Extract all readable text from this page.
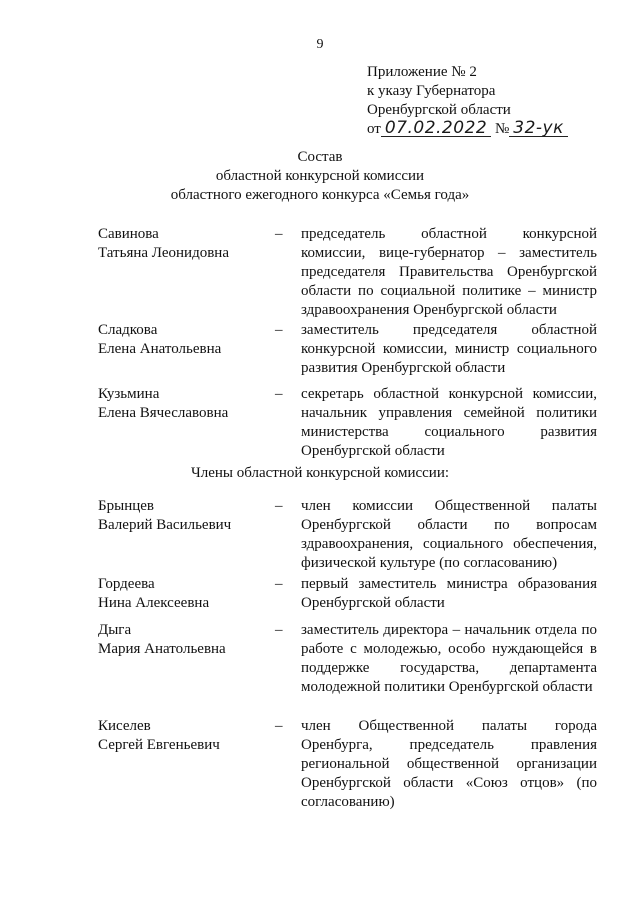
9
Приложение № 2
к указу Губернатора
Оренбургской области
от 07.02.2022 № 32-ук
Состав
областной конкурсной комиссии
областного ежегодного конкурса «Семья года»
Савинова
Татьяна Леонидовна
– председатель областной конкурсной комиссии, вице-губернатор – заместитель председателя Правительства Оренбургской области по социальной политике – министр здравоохранения Оренбургской области
Сладкова
Елена Анатольевна
– заместитель председателя областной конкурсной комиссии, министр социального развития Оренбургской области
Кузьмина
Елена Вячеславовна
– секретарь областной конкурсной комиссии, начальник управления семейной политики министерства социального развития Оренбургской области
Члены областной конкурсной комиссии:
Брынцев
Валерий Васильевич
– член комиссии Общественной палаты Оренбургской области по вопросам здравоохранения, социального обеспечения, физической культуре (по согласованию)
Гордеева
Нина Алексеевна
– первый заместитель министра образования Оренбургской области
Дыга
Мария Анатольевна
– заместитель директора – начальник отдела по работе с молодежью, особо нуждающейся в поддержке государства, департамента молодежной политики Оренбургской области
Киселев
Сергей Евгеньевич
– член Общественной палаты города Оренбурга, председатель правления региональной общественной организации Оренбургской области «Союз отцов» (по согласованию)
